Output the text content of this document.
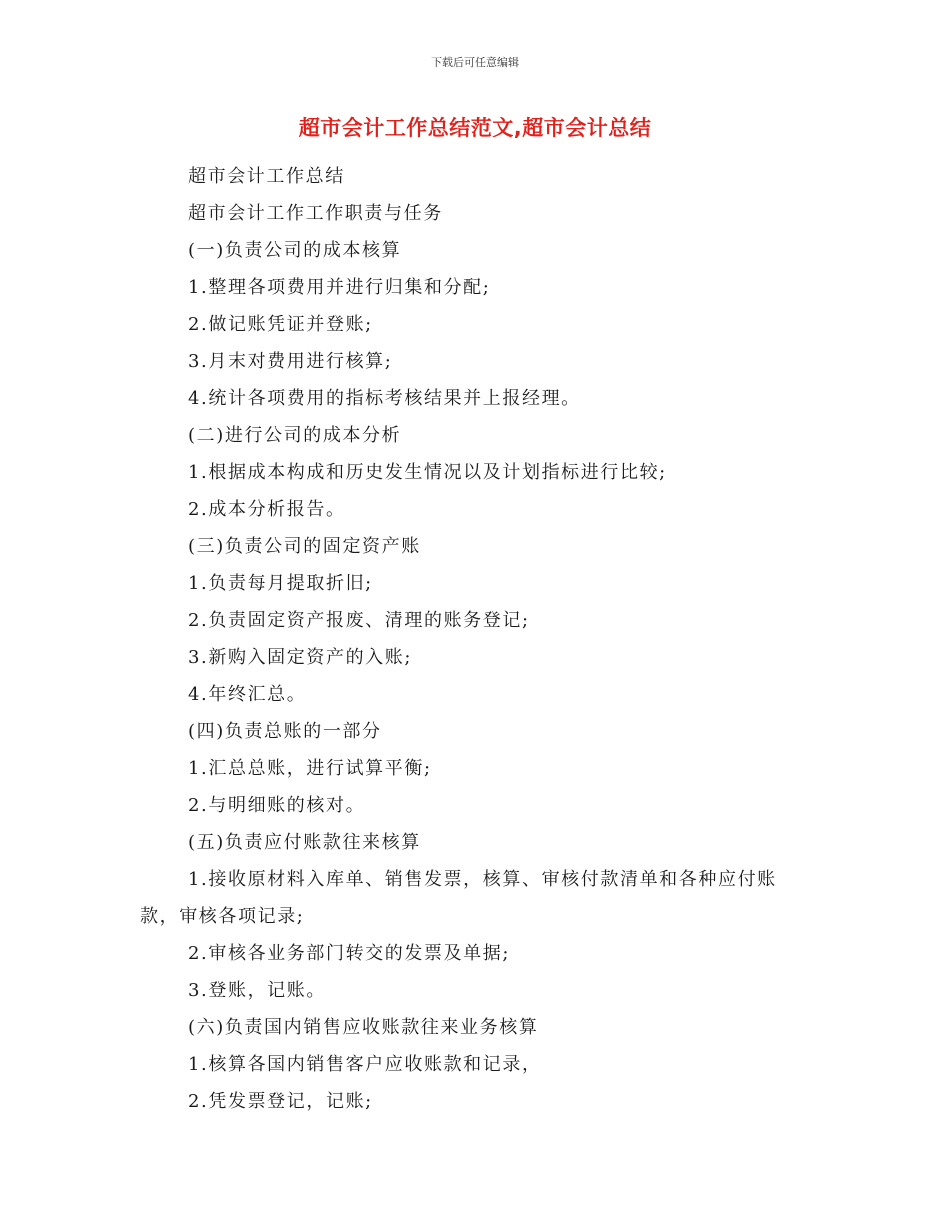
下载后可任意编辑
超市会计工作总结范文,超市会计总结

超市会计工作总结

超市会计工作工作职责与任务

(一)负责公司的成本核算

1.整理各项费用并进行归集和分配;

2.做记账凭证并登账;

3.月末对费用进行核算;

4.统计各项费用的指标考核结果并上报经理。

(二)进行公司的成本分析

1.根据成本构成和历史发生情况以及计划指标进行比较;

2.成本分析报告。

(三)负责公司的固定资产账

1.负责每月提取折旧;

2.负责固定资产报废、清理的账务登记;

3.新购入固定资产的入账;

4.年终汇总。

(四)负责总账的一部分

1.汇总总账，进行试算平衡;

2.与明细账的核对。

(五)负责应付账款往来核算

1.接收原材料入库单、销售发票，核算、审核付款清单和各种应付账款，审核各项记录;

2.审核各业务部门转交的发票及单据;

3.登账，记账。

(六)负责国内销售应收账款往来业务核算

1.核算各国内销售客户应收账款和记录，

2.凭发票登记，记账;
